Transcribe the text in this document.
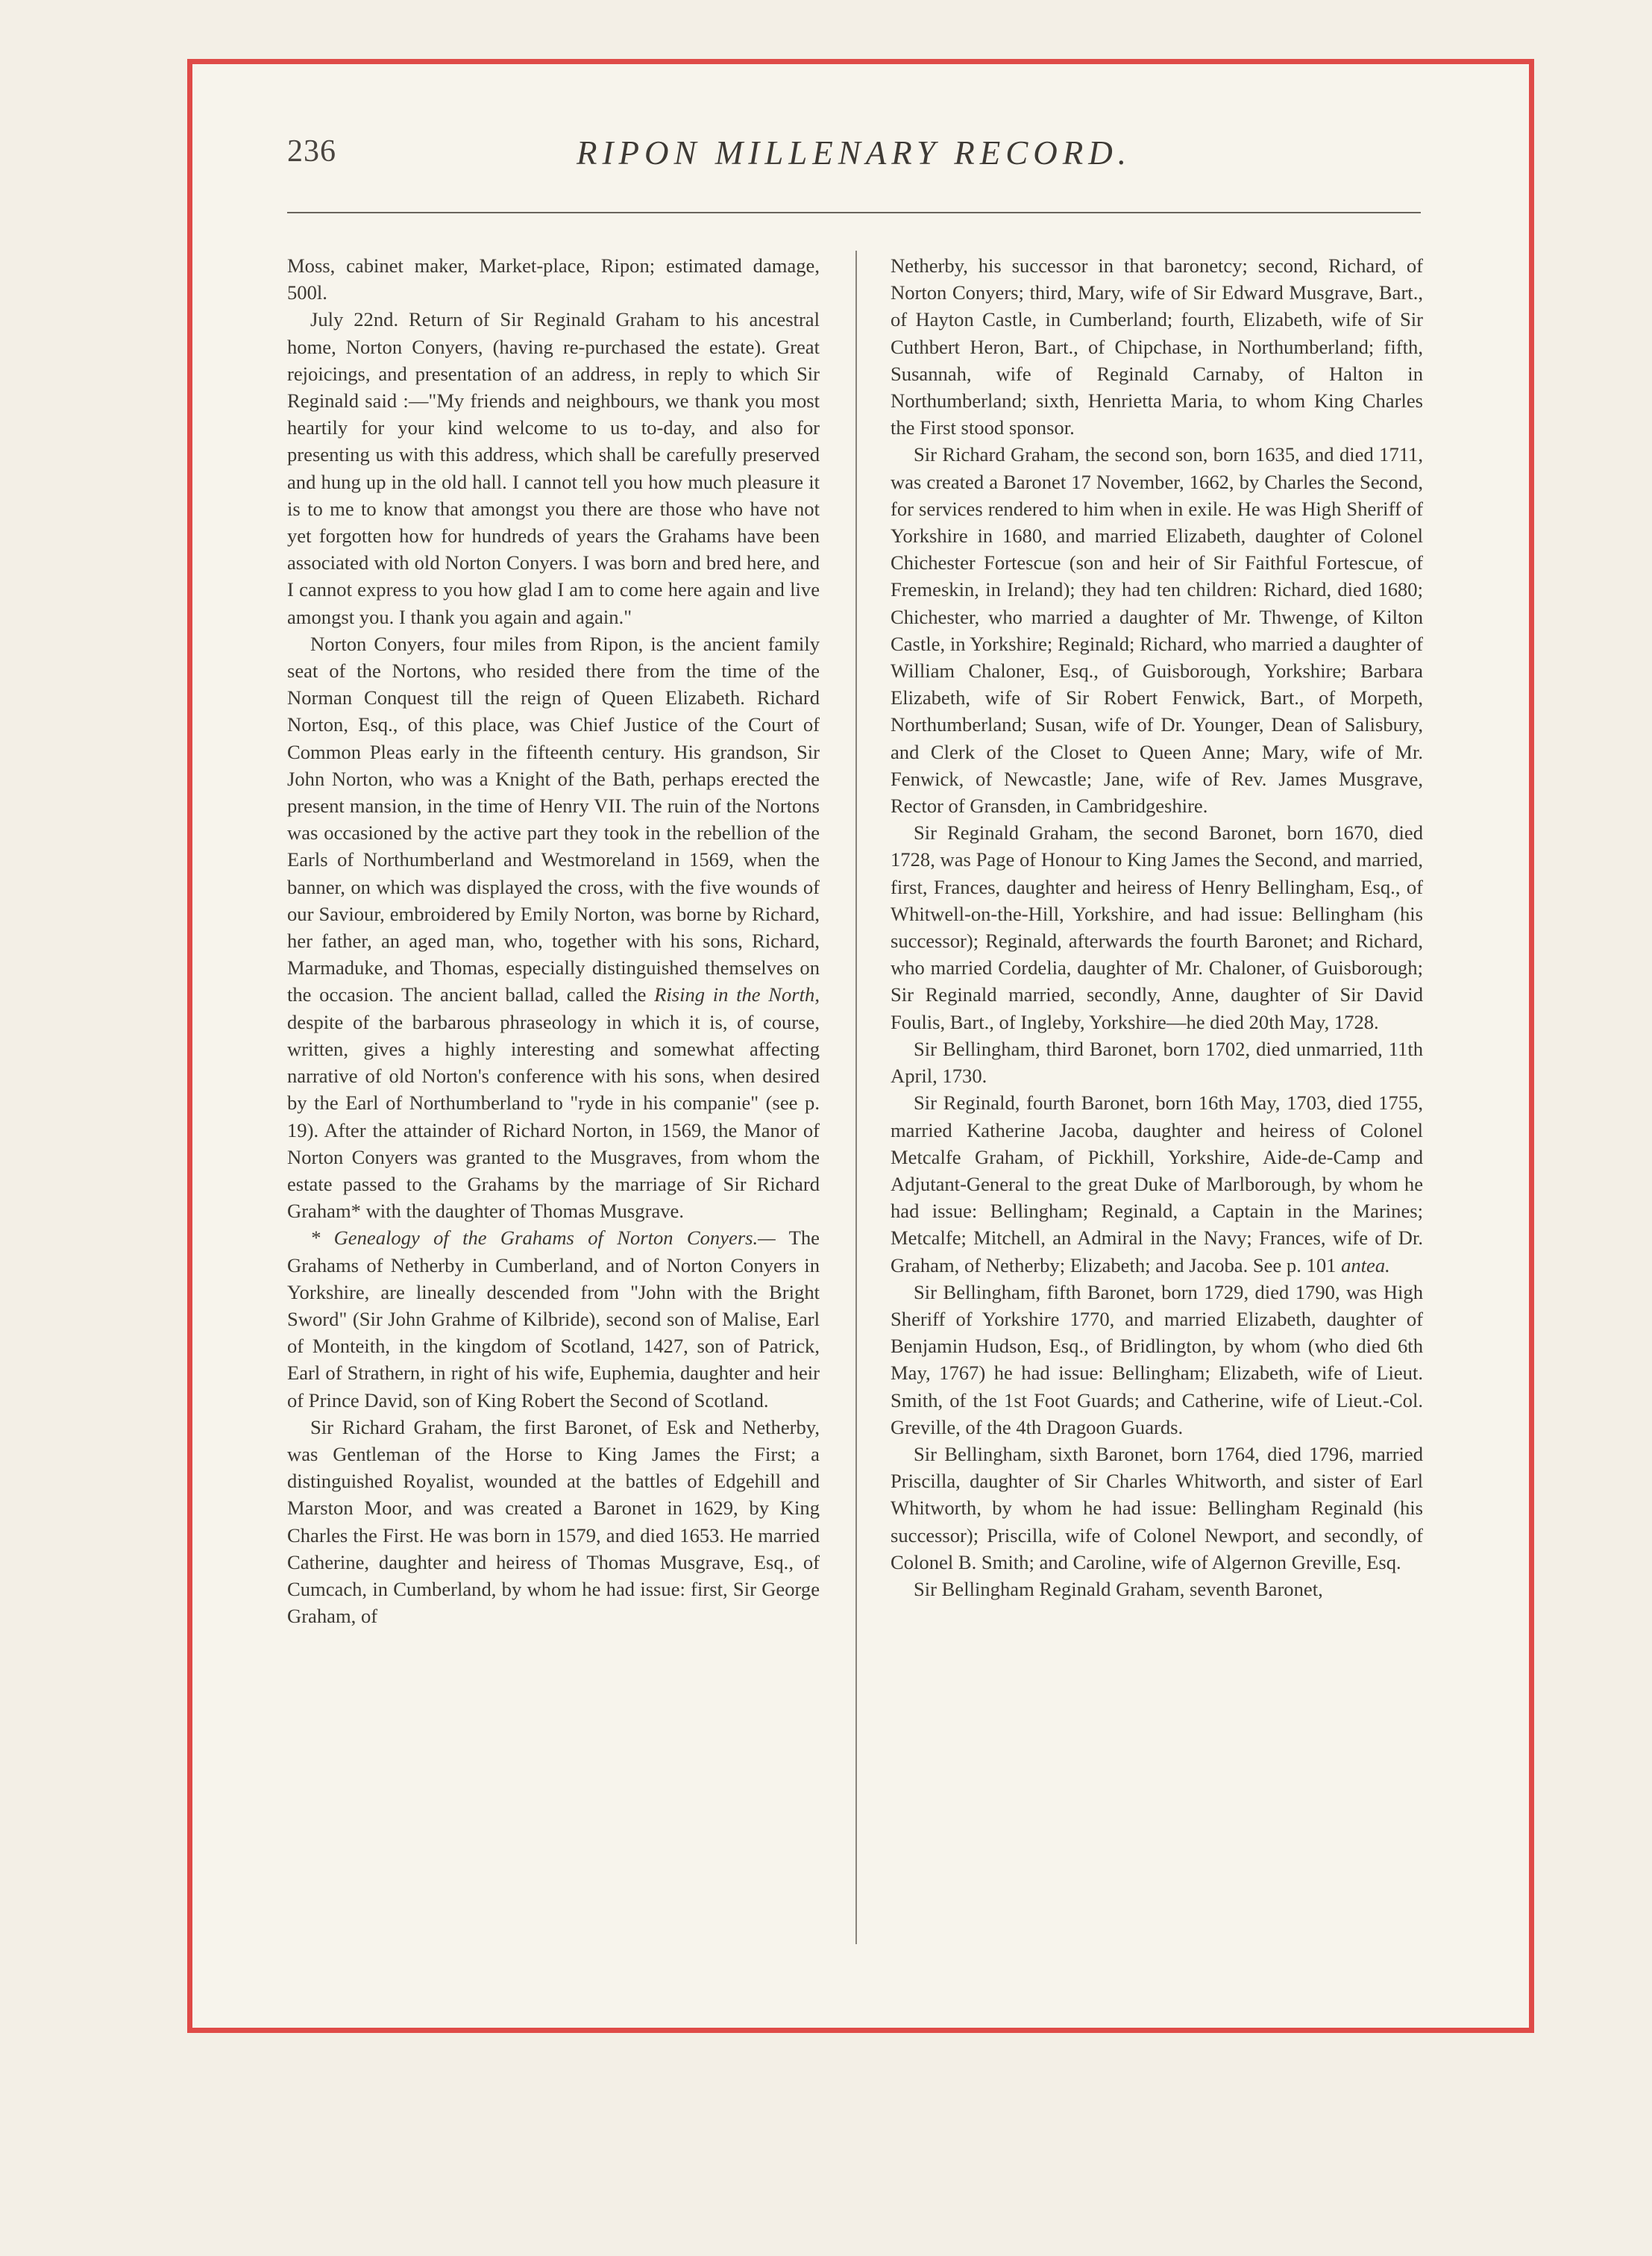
236	RIPON MILLENARY RECORD.

Moss, cabinet maker, Market-place, Ripon; estimated damage, 500l.

July 22nd. Return of Sir Reginald Graham to his ancestral home, Norton Conyers, (having re-purchased the estate). Great rejoicings, and presentation of an address, in reply to which Sir Reginald said :—"My friends and neighbours, we thank you most heartily for your kind welcome to us to-day, and also for presenting us with this address, which shall be carefully preserved and hung up in the old hall. I cannot tell you how much pleasure it is to me to know that amongst you there are those who have not yet forgotten how for hundreds of years the Grahams have been associated with old Norton Conyers. I was born and bred here, and I cannot express to you how glad I am to come here again and live amongst you. I thank you again and again."

Norton Conyers, four miles from Ripon, is the ancient family seat of the Nortons, who resided there from the time of the Norman Conquest till the reign of Queen Elizabeth. Richard Norton, Esq., of this place, was Chief Justice of the Court of Common Pleas early in the fifteenth century. His grandson, Sir John Norton, who was a Knight of the Bath, perhaps erected the present mansion, in the time of Henry VII. The ruin of the Nortons was occasioned by the active part they took in the rebellion of the Earls of Northumberland and Westmoreland in 1569, when the banner, on which was displayed the cross, with the five wounds of our Saviour, embroidered by Emily Norton, was borne by Richard, her father, an aged man, who, together with his sons, Richard, Marmaduke, and Thomas, especially distinguished themselves on the occasion. The ancient ballad, called the Rising in the North, despite of the barbarous phraseology in which it is, of course, written, gives a highly interesting and somewhat affecting narrative of old Norton's conference with his sons, when desired by the Earl of Northumberland to "ryde in his companie" (see p. 19). After the attainder of Richard Norton, in 1569, the Manor of Norton Conyers was granted to the Musgraves, from whom the estate passed to the Grahams by the marriage of Sir Richard Graham* with the daughter of Thomas Musgrave.

* Genealogy of the Grahams of Norton Conyers.— The Grahams of Netherby in Cumberland, and of Norton Conyers in Yorkshire, are lineally descended from "John with the Bright Sword" (Sir John Grahme of Kilbride), second son of Malise, Earl of Monteith, in the kingdom of Scotland, 1427, son of Patrick, Earl of Strathern, in right of his wife, Euphemia, daughter and heir of Prince David, son of King Robert the Second of Scotland.

Sir Richard Graham, the first Baronet, of Esk and Netherby, was Gentleman of the Horse to King James the First; a distinguished Royalist, wounded at the battles of Edgehill and Marston Moor, and was created a Baronet in 1629, by King Charles the First. He was born in 1579, and died 1653. He married Catherine, daughter and heiress of Thomas Musgrave, Esq., of Cumcach, in Cumberland, by whom he had issue: first, Sir George Graham, of

Netherby, his successor in that baronetcy; second, Richard, of Norton Conyers; third, Mary, wife of Sir Edward Musgrave, Bart., of Hayton Castle, in Cumberland; fourth, Elizabeth, wife of Sir Cuthbert Heron, Bart., of Chipchase, in Northumberland; fifth, Susannah, wife of Reginald Carnaby, of Halton in Northumberland; sixth, Henrietta Maria, to whom King Charles the First stood sponsor.

Sir Richard Graham, the second son, born 1635, and died 1711, was created a Baronet 17 November, 1662, by Charles the Second, for services rendered to him when in exile. He was High Sheriff of Yorkshire in 1680, and married Elizabeth, daughter of Colonel Chichester Fortescue (son and heir of Sir Faithful Fortescue, of Fremeskin, in Ireland); they had ten children: Richard, died 1680; Chichester, who married a daughter of Mr. Thwenge, of Kilton Castle, in Yorkshire; Reginald; Richard, who married a daughter of William Chaloner, Esq., of Guisborough, Yorkshire; Barbara Elizabeth, wife of Sir Robert Fenwick, Bart., of Morpeth, Northumberland; Susan, wife of Dr. Younger, Dean of Salisbury, and Clerk of the Closet to Queen Anne; Mary, wife of Mr. Fenwick, of Newcastle; Jane, wife of Rev. James Musgrave, Rector of Gransden, in Cambridgeshire.

Sir Reginald Graham, the second Baronet, born 1670, died 1728, was Page of Honour to King James the Second, and married, first, Frances, daughter and heiress of Henry Bellingham, Esq., of Whitwell-on-the-Hill, Yorkshire, and had issue: Bellingham (his successor); Reginald, afterwards the fourth Baronet; and Richard, who married Cordelia, daughter of Mr. Chaloner, of Guisborough; Sir Reginald married, secondly, Anne, daughter of Sir David Foulis, Bart., of Ingleby, Yorkshire—he died 20th May, 1728.

Sir Bellingham, third Baronet, born 1702, died unmarried, 11th April, 1730.

Sir Reginald, fourth Baronet, born 16th May, 1703, died 1755, married Katherine Jacoba, daughter and heiress of Colonel Metcalfe Graham, of Pickhill, Yorkshire, Aide-de-Camp and Adjutant-General to the great Duke of Marlborough, by whom he had issue: Bellingham; Reginald, a Captain in the Marines; Metcalfe; Mitchell, an Admiral in the Navy; Frances, wife of Dr. Graham, of Netherby; Elizabeth; and Jacoba. See p. 101 antea.

Sir Bellingham, fifth Baronet, born 1729, died 1790, was High Sheriff of Yorkshire 1770, and married Elizabeth, daughter of Benjamin Hudson, Esq., of Bridlington, by whom (who died 6th May, 1767) he had issue: Bellingham; Elizabeth, wife of Lieut. Smith, of the 1st Foot Guards; and Catherine, wife of Lieut.-Col. Greville, of the 4th Dragoon Guards.

Sir Bellingham, sixth Baronet, born 1764, died 1796, married Priscilla, daughter of Sir Charles Whitworth, and sister of Earl Whitworth, by whom he had issue: Bellingham Reginald (his successor); Priscilla, wife of Colonel Newport, and secondly, of Colonel B. Smith; and Caroline, wife of Algernon Greville, Esq.

Sir Bellingham Reginald Graham, seventh Baronet,
